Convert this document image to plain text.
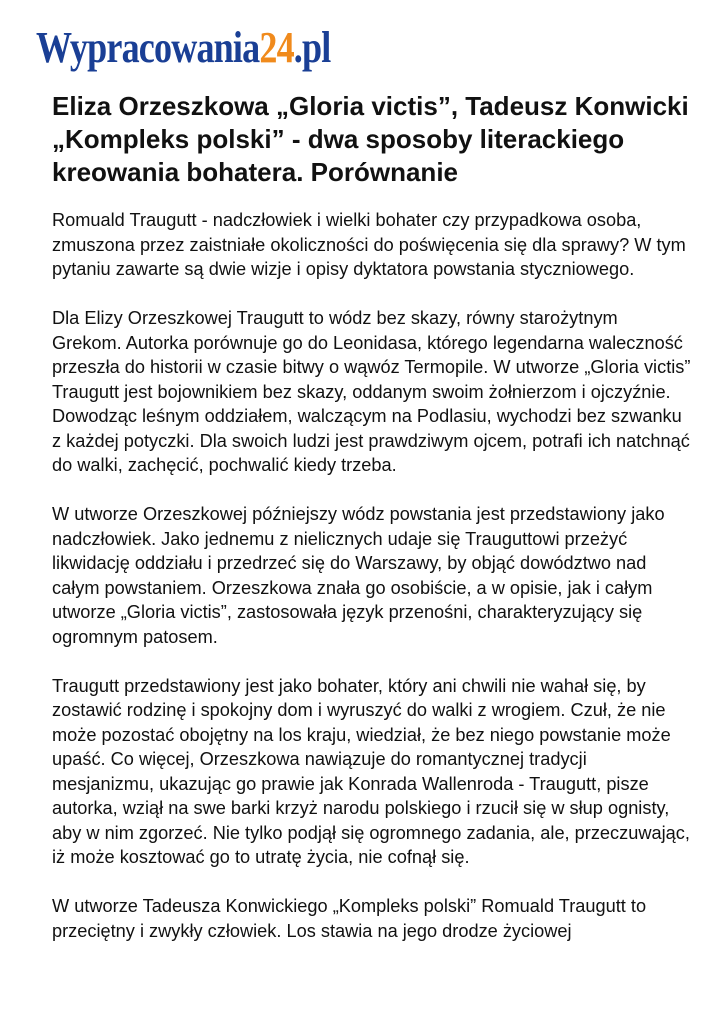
Wypracowania24.pl
Eliza Orzeszkowa „Gloria victis”, Tadeusz Konwicki „Kompleks polski” - dwa sposoby literackiego kreowania bohatera. Porównanie

Romuald Traugutt - nadczłowiek i wielki bohater czy przypadkowa osoba, zmuszona przez zaistniałe okoliczności do poświęcenia się dla sprawy? W tym pytaniu zawarte są dwie wizje i opisy dyktatora powstania styczniowego.

Dla Elizy Orzeszkowej Traugutt to wódz bez skazy, równy starożytnym Grekom. Autorka porównuje go do Leonidasa, którego legendarna waleczność przeszła do historii w czasie bitwy o wąwóz Termopile. W utworze „Gloria victis” Traugutt jest bojownikiem bez skazy, oddanym swoim żołnierzom i ojczyźnie. Dowodząc leśnym oddziałem, walczącym na Podlasiu, wychodzi bez szwanku z każdej potyczki. Dla swoich ludzi jest prawdziwym ojcem, potrafi ich natchnąć do walki, zachęcić, pochwalić kiedy trzeba.

W utworze Orzeszkowej późniejszy wódz powstania jest przedstawiony jako nadczłowiek. Jako jednemu z nielicznych udaje się Trauguttowi przeżyć likwidację oddziału i przedrzeć się do Warszawy, by objąć dowództwo nad całym powstaniem. Orzeszkowa znała go osobiście, a w opisie, jak i całym utworze „Gloria victis”, zastosowała język przenośni, charakteryzujący się ogromnym patosem.

Traugutt przedstawiony jest jako bohater, który ani chwili nie wahał się, by zostawić rodzinę i spokojny dom i wyruszyć do walki z wrogiem. Czuł, że nie może pozostać obojętny na los kraju, wiedział, że bez niego powstanie może upaść. Co więcej, Orzeszkowa nawiązuje do romantycznej tradycji mesjanizmu, ukazując go prawie jak Konrada Wallenroda - Traugutt, pisze autorka, wziął na swe barki krzyż narodu polskiego i rzucił się w słup ognisty, aby w nim zgorzeć. Nie tylko podjął się ogromnego zadania, ale, przeczuwając, iż może kosztować go to utratę życia, nie cofnął się.

W utworze Tadeusza Konwickiego „Kompleks polski” Romuald Traugutt to przeciętny i zwykły człowiek. Los stawia na jego drodze życiowej
